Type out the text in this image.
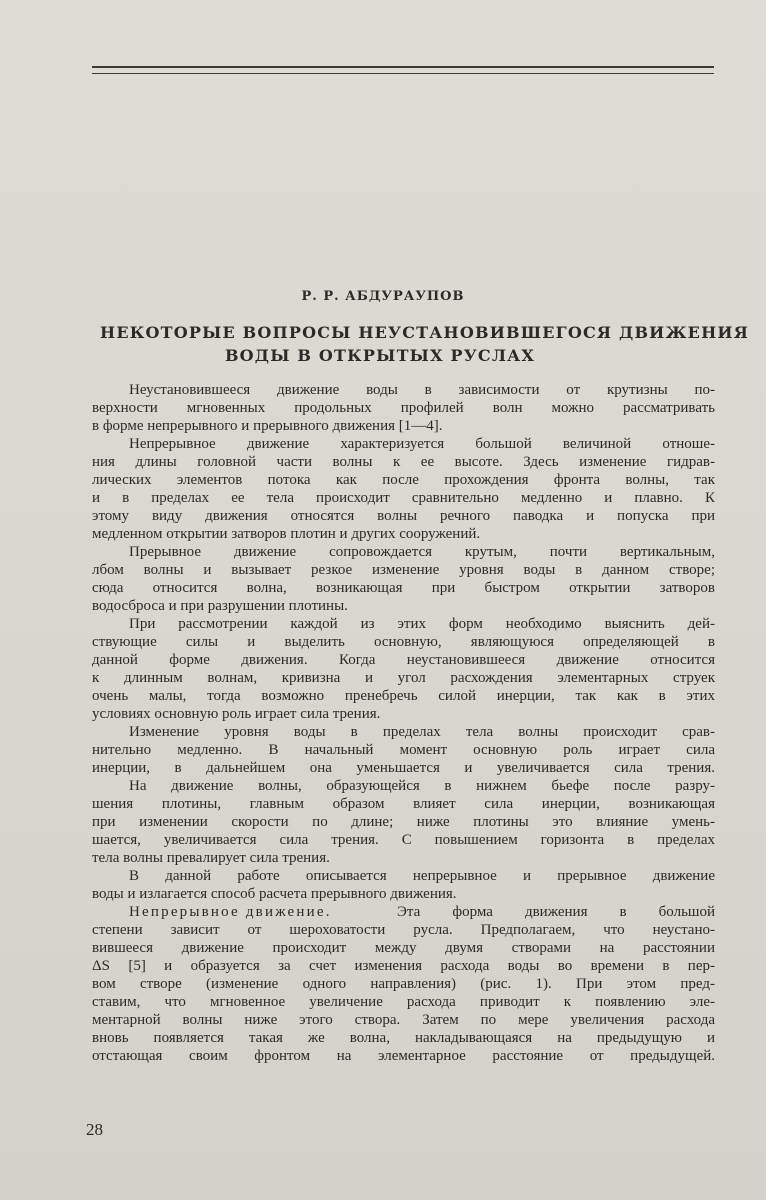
Р. Р. АБДУРАУПОВ
НЕКОТОРЫЕ ВОПРОСЫ НЕУСТАНОВИВШЕГОСЯ ДВИЖЕНИЯ
ВОДЫ В ОТКРЫТЫХ РУСЛАХ
Неустановившееся движение воды в зависимости от крутизны по-
верхности мгновенных продольных профилей волн можно рассматривать
в форме непрерывного и прерывного движения [1—4].
Непрерывное движение характеризуется большой величиной отноше-
ния длины головной части волны к ее высоте. Здесь изменение гидрав-
лических элементов потока как после прохождения фронта волны, так
и в пределах ее тела происходит сравнительно медленно и плавно. К
этому виду движения относятся волны речного паводка и попуска при
медленном открытии затворов плотин и других сооружений.
Прерывное движение сопровождается крутым, почти вертикальным,
лбом волны и вызывает резкое изменение уровня воды в данном створе;
сюда относится волна, возникающая при быстром открытии затворов
водосброса и при разрушении плотины.
При рассмотрении каждой из этих форм необходимо выяснить дей-
ствующие силы и выделить основную, являющуюся определяющей в
данной форме движения. Когда неустановившееся движение относится
к длинным волнам, кривизна и угол расхождения элементарных струек
очень малы, тогда возможно пренебречь силой инерции, так как в этих
условиях основную роль играет сила трения.
Изменение уровня воды в пределах тела волны происходит срав-
нительно медленно. В начальный момент основную роль играет сила
инерции, в дальнейшем она уменьшается и увеличивается сила трения.
На движение волны, образующейся в нижнем бьефе после разру-
шения плотины, главным образом влияет сила инерции, возникающая
при изменении скорости по длине; ниже плотины это влияние умень-
шается, увеличивается сила трения. С повышением горизонта в пределах
тела волны превалирует сила трения.
В данной работе описывается непрерывное и прерывное движение
воды и излагается способ расчета прерывного движения.
Эта форма движения в большой
степени зависит от шероховатости русла. Предполагаем, что неустано-
вившееся движение происходит между двумя створами на расстоянии
ΔS [5] и образуется за счет изменения расхода воды во времени в пер-
вом створе (изменение одного направления) (рис. 1). При этом пред-
ставим, что мгновенное увеличение расхода приводит к появлению эле-
ментарной волны ниже этого створа. Затем по мере увеличения расхода
вновь появляется такая же волна, накладывающаяся на предыдущую и
отстающая своим фронтом на элементарное расстояние от предыдущей.
Непрерывное движение.
28
